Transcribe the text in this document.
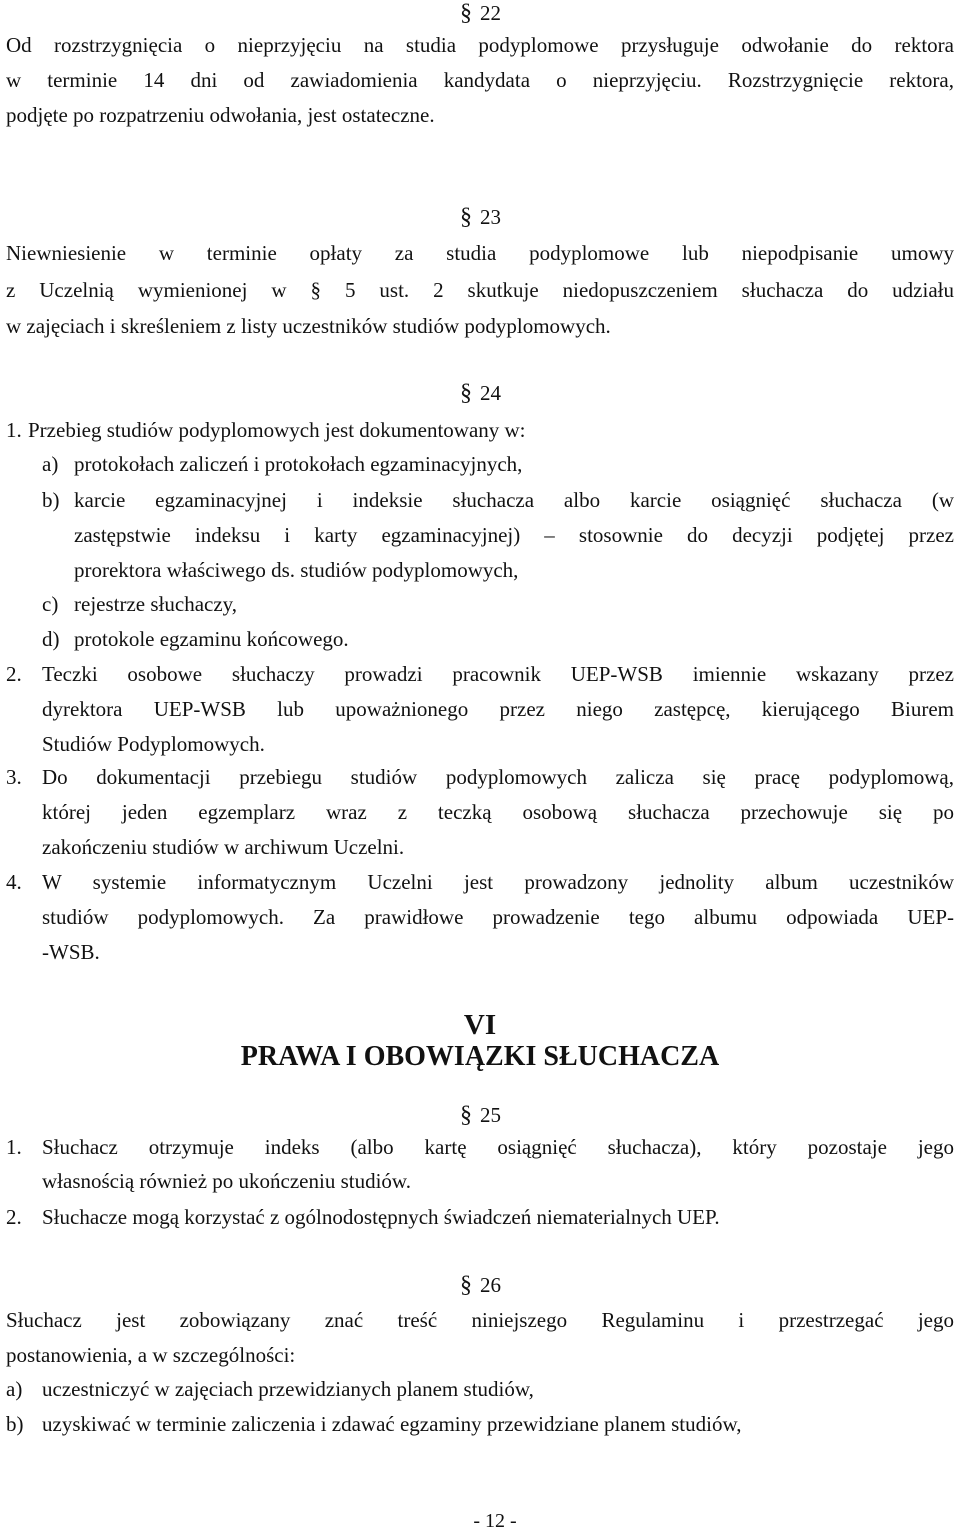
§ 22
Od rozstrzygnięcia o nieprzyjęciu na studia podyplomowe przysługuje odwołanie do rektora
w terminie 14 dni od zawiadomienia kandydata o nieprzyjęciu. Rozstrzygnięcie rektora,
podjęte po rozpatrzeniu odwołania, jest ostateczne.
§ 23
Niewniesienie w terminie opłaty za studia podyplomowe lub niepodpisanie umowy
z Uczelnią wymienionej w § 5 ust. 2 skutkuje niedopuszczeniem słuchacza do udziału
w zajęciach i skreśleniem z listy uczestników studiów podyplomowych.
§ 24
1. Przebieg studiów podyplomowych jest dokumentowany w:
a) protokołach zaliczeń i protokołach egzaminacyjnych,
b) karcie egzaminacyjnej i indeksie słuchacza albo karcie osiągnięć słuchacza (w
zastępstwie indeksu i karty egzaminacyjnej) – stosownie do decyzji podjętej przez
prorektora właściwego ds. studiów podyplomowych,
c) rejestrze słuchaczy,
d) protokole egzaminu końcowego.
2. Teczki osobowe słuchaczy prowadzi pracownik UEP-WSB imiennie wskazany przez
dyrektora UEP-WSB lub upoważnionego przez niego zastępcę, kierującego Biurem
Studiów Podyplomowych.
3. Do dokumentacji przebiegu studiów podyplomowych zalicza się pracę podyplomową,
której jeden egzemplarz wraz z teczką osobową słuchacza przechowuje się po
zakończeniu studiów w archiwum Uczelni.
4. W systemie informatycznym Uczelni jest prowadzony jednolity album uczestników
studiów podyplomowych. Za prawidłowe prowadzenie tego albumu odpowiada UEP-
-WSB.
VI
PRAWA I OBOWIĄZKI SŁUCHACZA
§ 25
1. Słuchacz otrzymuje indeks (albo kartę osiągnięć słuchacza), który pozostaje jego
własnością również po ukończeniu studiów.
2. Słuchacze mogą korzystać z ogólnodostępnych świadczeń niematerialnych UEP.
§ 26
Słuchacz jest zobowiązany znać treść niniejszego Regulaminu i przestrzegać jego
postanowienia, a w szczególności:
a) uczestniczyć w zajęciach przewidzianych planem studiów,
b) uzyskiwać w terminie zaliczenia i zdawać egzaminy przewidziane planem studiów,
- 12 -
